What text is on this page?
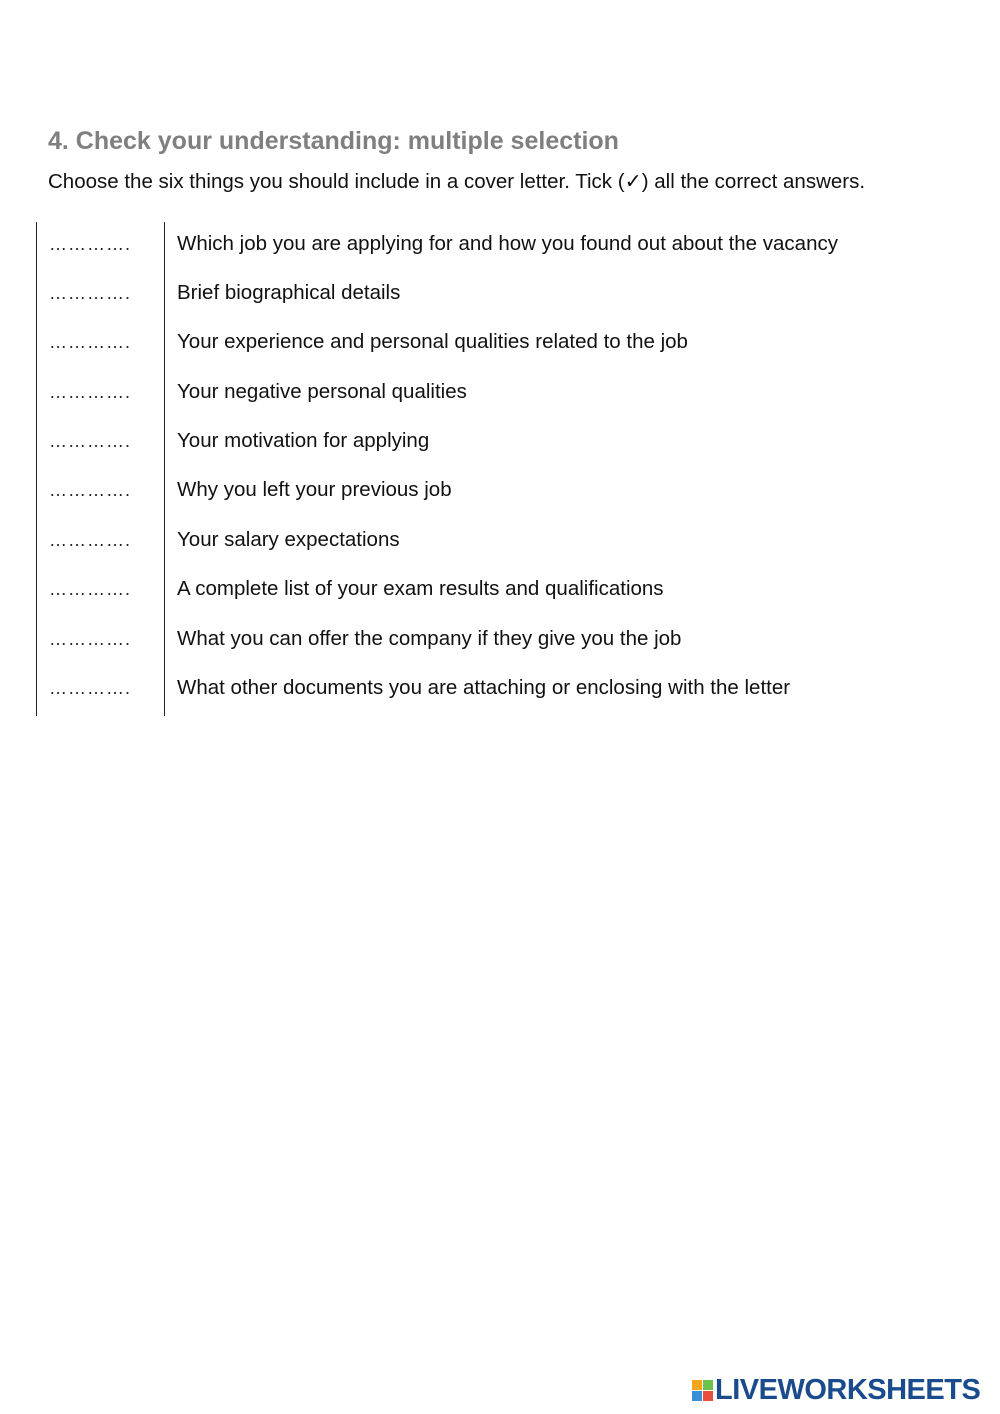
4. Check your understanding: multiple selection
Choose the six things you should include in a cover letter. Tick (✓) all the correct answers.
………….	Which job you are applying for and how you found out about the vacancy
………….	Brief biographical details
………….	Your experience and personal qualities related to the job
………….	Your negative personal qualities
………….	Your motivation for applying
………….	Why you left your previous job
………….	Your salary expectations
………….	A complete list of your exam results and qualifications
………….	What you can offer the company if they give you the job
………….	What other documents you are attaching or enclosing with the letter
LIVEWORKSHEETS
